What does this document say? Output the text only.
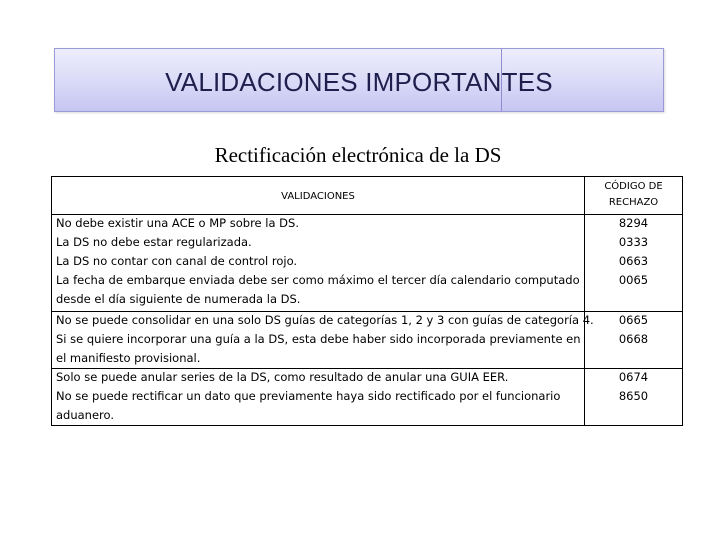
VALIDACIONES IMPORTANTES
Rectificación electrónica de la DS
VALIDACIONES
CÓDIGO DE
RECHAZO
No debe existir una ACE o MP sobre la DS.
La DS no debe estar regularizada.
La DS no contar con canal de control rojo.
La fecha de embarque enviada debe ser como máximo el tercer día calendario computado
desde el día siguiente de numerada la DS.
8294
0333
0663
0065
No se puede consolidar en una solo DS guías de categorías 1, 2 y 3 con guías de categoría 4.
Si se quiere incorporar una guía a la DS, esta debe haber sido incorporada previamente en
el manifiesto provisional.
0665
0668
Solo se puede anular series de la DS, como resultado de anular una GUIA EER.
No se puede rectificar un dato que previamente haya sido rectificado por el funcionario
aduanero.
0674
8650
